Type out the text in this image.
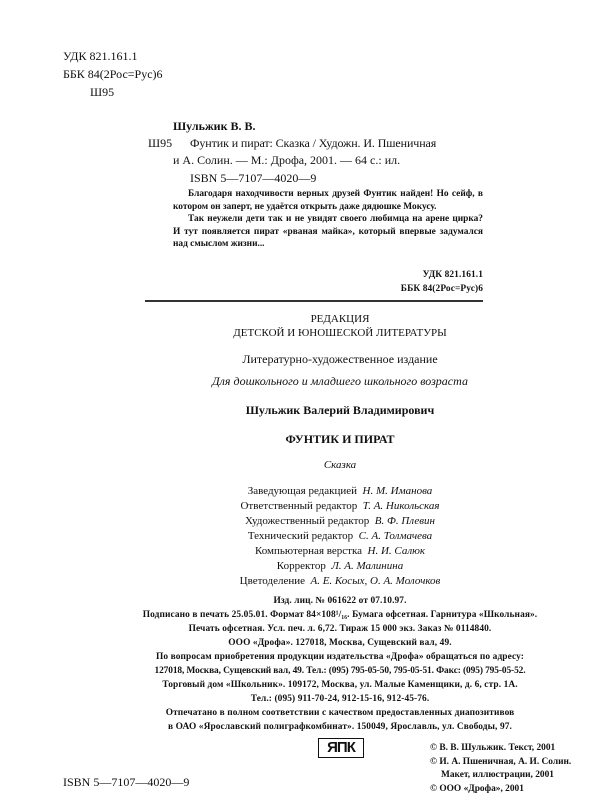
УДК 821.161.1
ББК 84(2Рос=Рус)6
Ш95
Шульжик В. В.
Ш95 Фунтик и пират: Сказка / Художн. И. Пшеничная
и А. Солин. — М.: Дрофа, 2001. — 64 с.: ил.
ISBN 5—7107—4020—9

Благодаря находчивости верных друзей Фунтик найден! Но сейф, в котором он заперт, не удаётся открыть даже дядюшке Мокусу.

Так неужели дети так и не увидят своего любимца на арене цирка? И тут появляется пират «рваная майка», который впервые задумался над смыслом жизни...

УДК 821.161.1
ББК 84(2Рос=Рус)6
РЕДАКЦИЯ
ДЕТСКОЙ И ЮНОШЕСКОЙ ЛИТЕРАТУРЫ
Литературно-художественное издание
Для дошкольного и младшего школьного возраста
Шульжик Валерий Владимирович
ФУНТИК И ПИРАТ
Сказка
Заведующая редакцией Н. М. Иманова
Ответственный редактор Т. А. Никольская
Художественный редактор В. Ф. Плевин
Технический редактор С. А. Толмачева
Компьютерная верстка Н. И. Салюк
Корректор Л. А. Малинина
Цветоделение А. Е. Косых, О. А. Молочков
Изд. лиц. № 061622 от 07.10.97.
Подписано в печать 25.05.01. Формат 84×108¹/₁₆. Бумага офсетная. Гарнитура «Школьная».
Печать офсетная. Усл. печ. л. 6,72. Тираж 15 000 экз. Заказ № 0114840.
ООО «Дрофа». 127018, Москва, Сущевский вал, 49.
По вопросам приобретения продукции издательства «Дрофа» обращаться по адресу:
127018, Москва, Сущевский вал, 49. Тел.: (095) 795-05-50, 795-05-51. Факс: (095) 795-05-52.
Торговый дом «Школьник». 109172, Москва, ул. Малые Каменщики, д. 6, стр. 1А.
Тел.: (095) 911-70-24, 912-15-16, 912-45-76.
Отпечатано в полном соответствии с качеством предоставленных диапозитивов
в ОАО «Ярославский полиграфкомбинат». 150049, Ярославль, ул. Свободы, 97.
ЯПК
ISBN 5—7107—4020—9
© В. В. Шульжик. Текст, 2001
© И. А. Пшеничная, А. И. Солин.
Макет, иллюстрации, 2001
© ООО «Дрофа», 2001
